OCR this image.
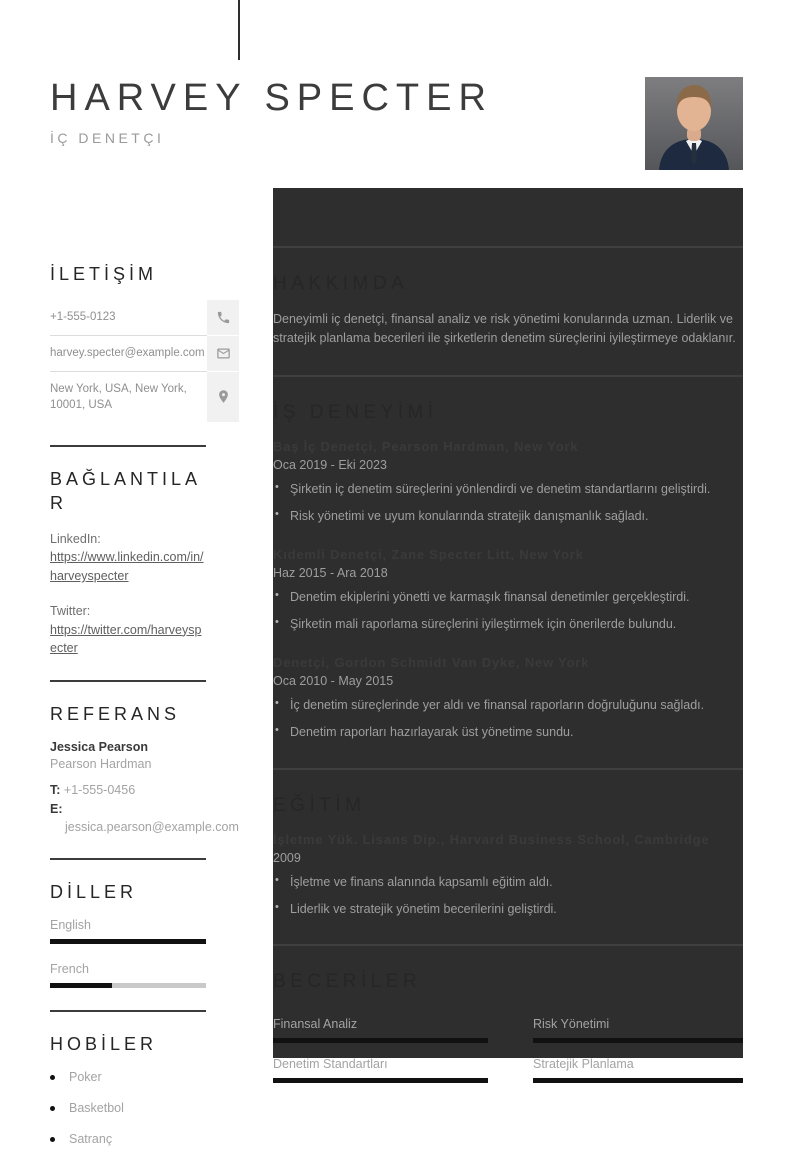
HARVEY SPECTER
İÇ DENETÇI
İLETİŞİM
+1-555-0123
harvey.specter@example.com
New York, USA, New York, 10001, USA
BAĞLANTILAR
LinkedIn:
https://www.linkedin.com/in/harveyspecter
Twitter:
https://twitter.com/harveyspecter
REFERANS
Jessica Pearson
Pearson Hardman
T: +1-555-0456
E: jessica.pearson@example.com
DİLLER
English
French
HOBİLER
Poker
Basketbol
Satranç
HAKKIMDA
Deneyimli iç denetçi, finansal analiz ve risk yönetimi konularında uzman. Liderlik ve stratejik planlama becerileri ile şirketlerin denetim süreçlerini iyileştirmeye odaklanır.
İŞ DENEYİMİ
Baş İç Denetçi, Pearson Hardman, New York
Oca 2019 - Eki 2023
• Şirketin iç denetim süreçlerini yönlendirdi ve denetim standartlarını geliştirdi.
• Risk yönetimi ve uyum konularında stratejik danışmanlık sağladı.
Kıdemli Denetçi, Zane Specter Litt, New York
Haz 2015 - Ara 2018
• Denetim ekiplerini yönetti ve karmaşık finansal denetimler gerçekleştirdi.
• Şirketin mali raporlama süreçlerini iyileştirmek için önerilerde bulundu.
Denetçi, Gordon Schmidt Van Dyke, New York
Oca 2010 - May 2015
• İç denetim süreçlerinde yer aldı ve finansal raporların doğruluğunu sağladı.
• Denetim raporları hazırlayarak üst yönetime sundu.
EĞİTİM
İşletme Yük. Lisans Dip., Harvard Business School, Cambridge
2009
• İşletme ve finans alanında kapsamlı eğitim aldı.
• Liderlik ve stratejik yönetim becerilerini geliştirdi.
BECERİLER
Finansal Analiz	Risk Yönetimi
Denetim Standartları	Stratejik Planlama
